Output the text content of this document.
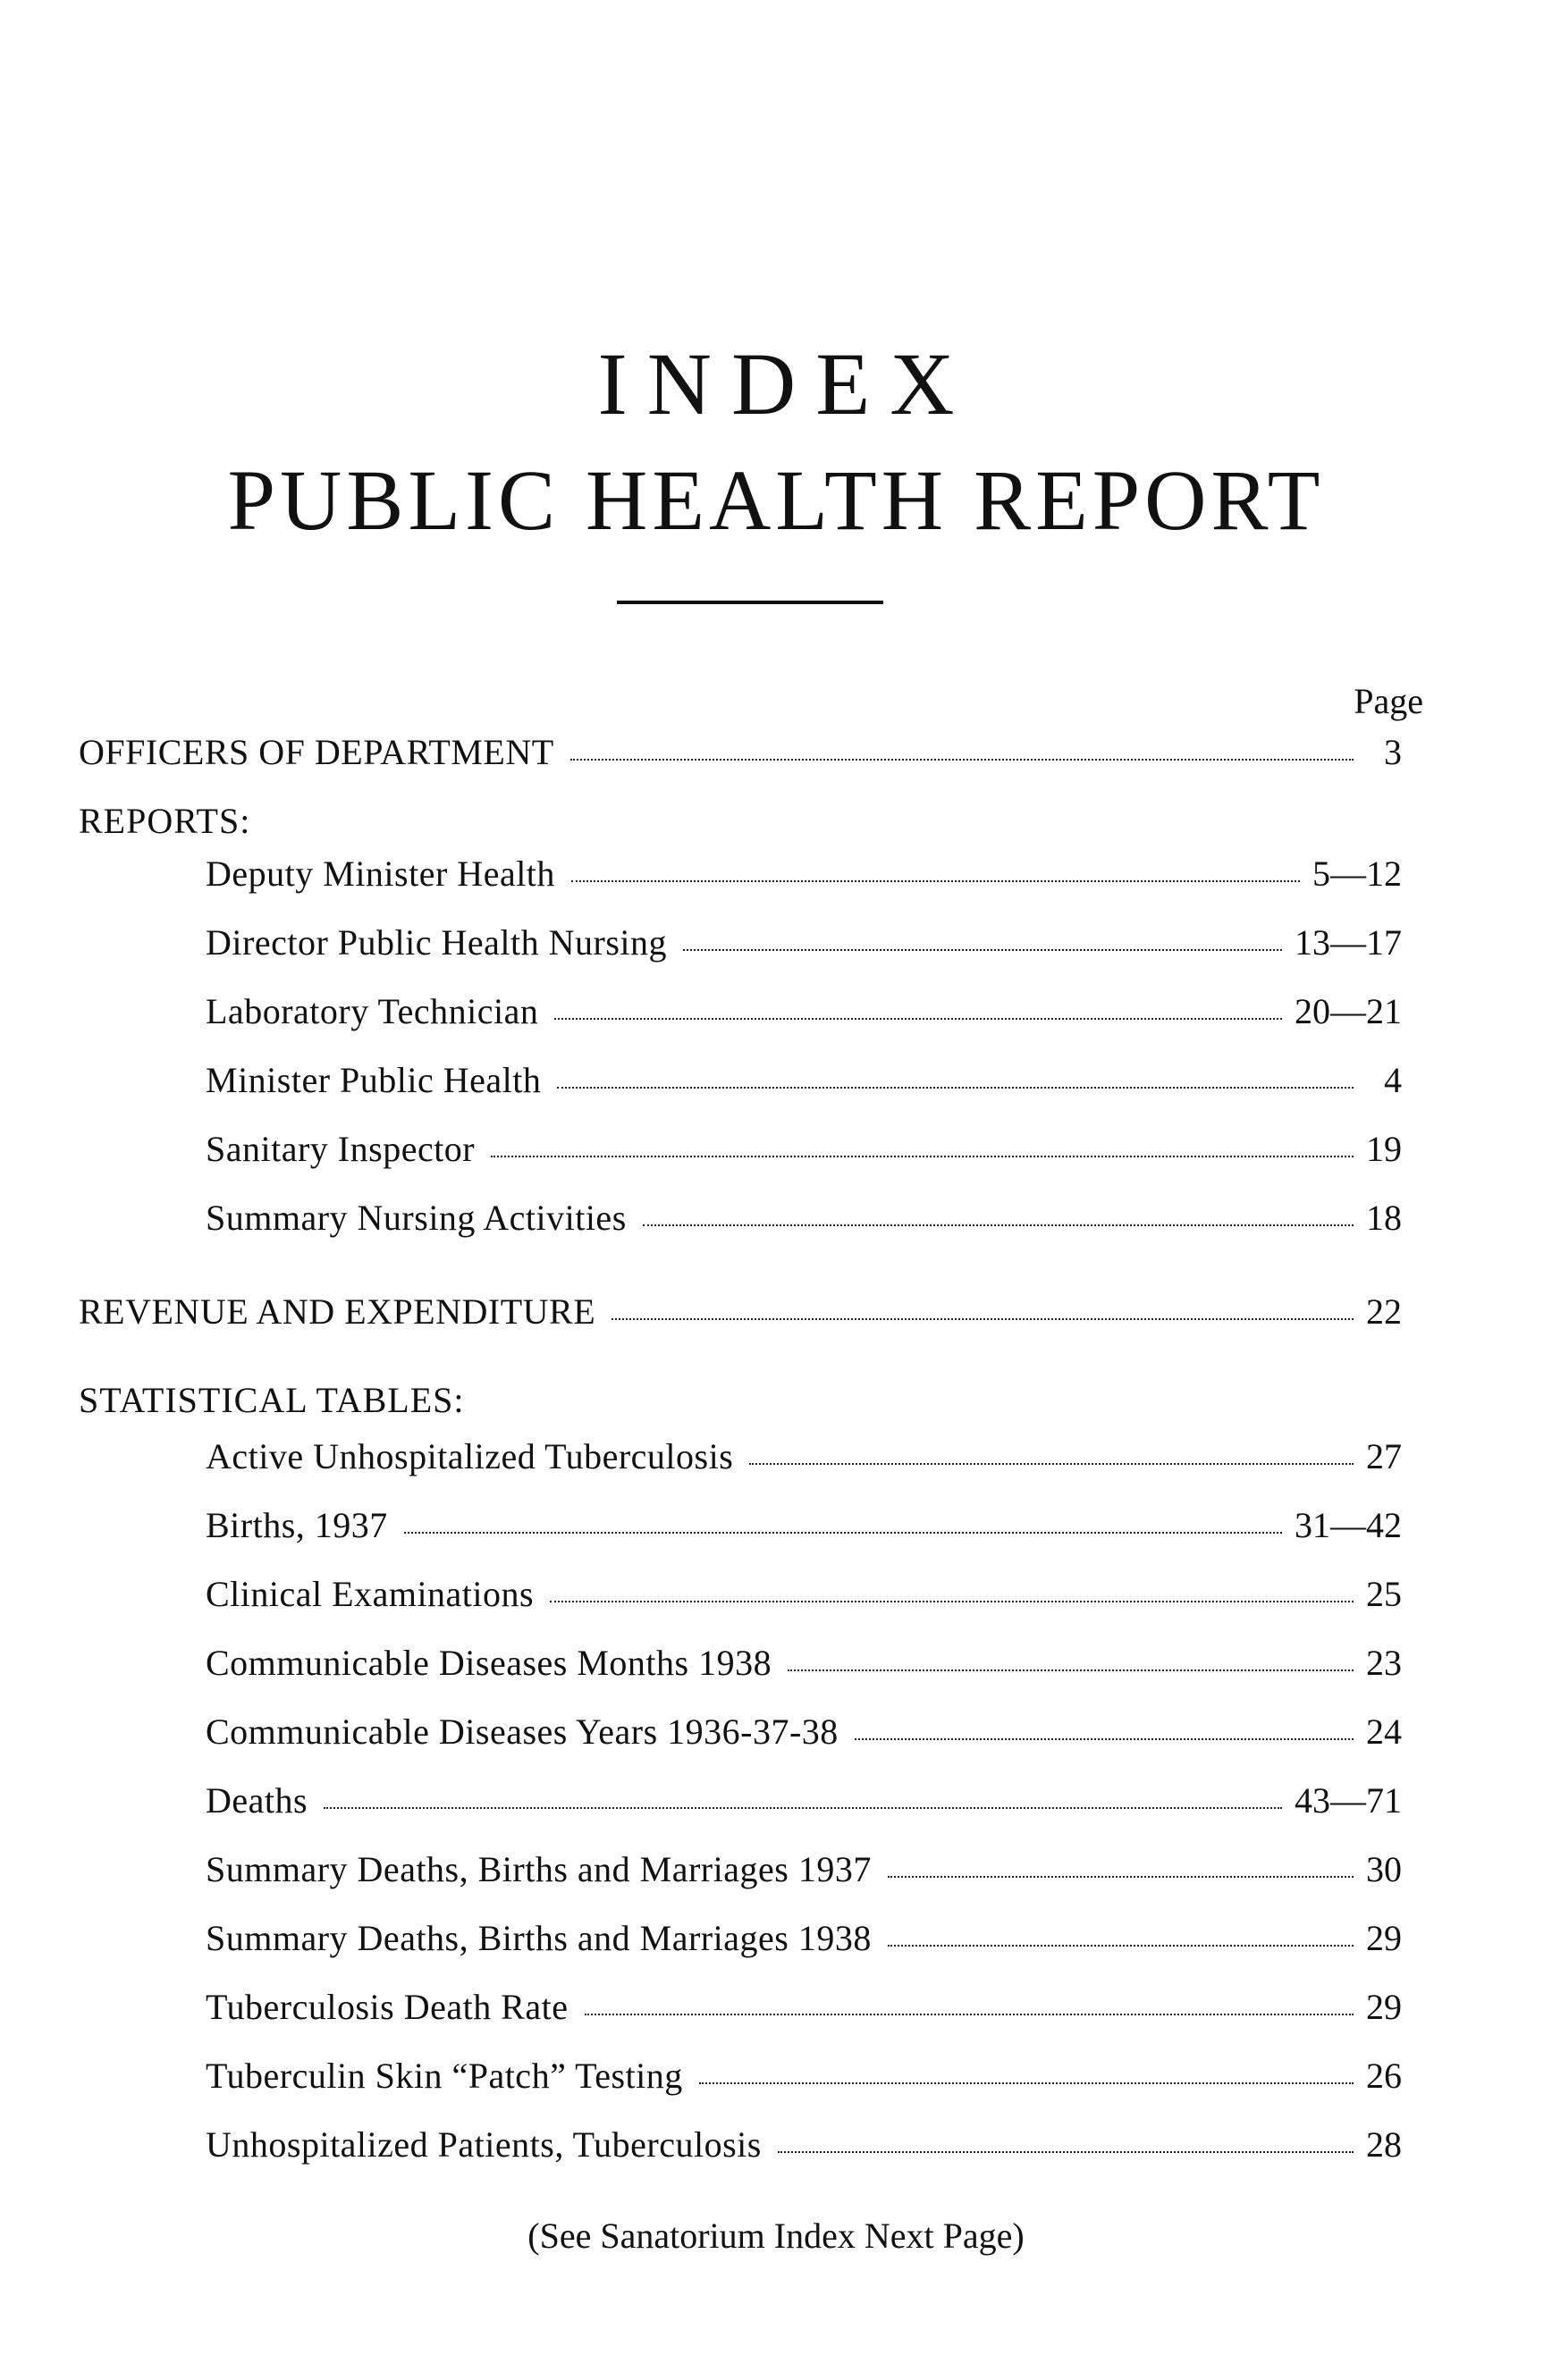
INDEX
PUBLIC HEALTH REPORT
Page
OFFICERS OF DEPARTMENT	3
REPORTS:
Deputy Minister Health	5—12
Director Public Health Nursing	13—17
Laboratory Technician	20—21
Minister Public Health	4
Sanitary Inspector	19
Summary Nursing Activities	18
REVENUE AND EXPENDITURE	22
STATISTICAL TABLES:
Active Unhospitalized Tuberculosis	27
Births, 1937	31—42
Clinical Examinations	25
Communicable Diseases Months 1938	23
Communicable Diseases Years 1936-37-38	24
Deaths	43—71
Summary Deaths, Births and Marriages 1937	30
Summary Deaths, Births and Marriages 1938	29
Tuberculosis Death Rate	29
Tuberculin Skin “Patch” Testing	26
Unhospitalized Patients, Tuberculosis	28
(See Sanatorium Index Next Page)
